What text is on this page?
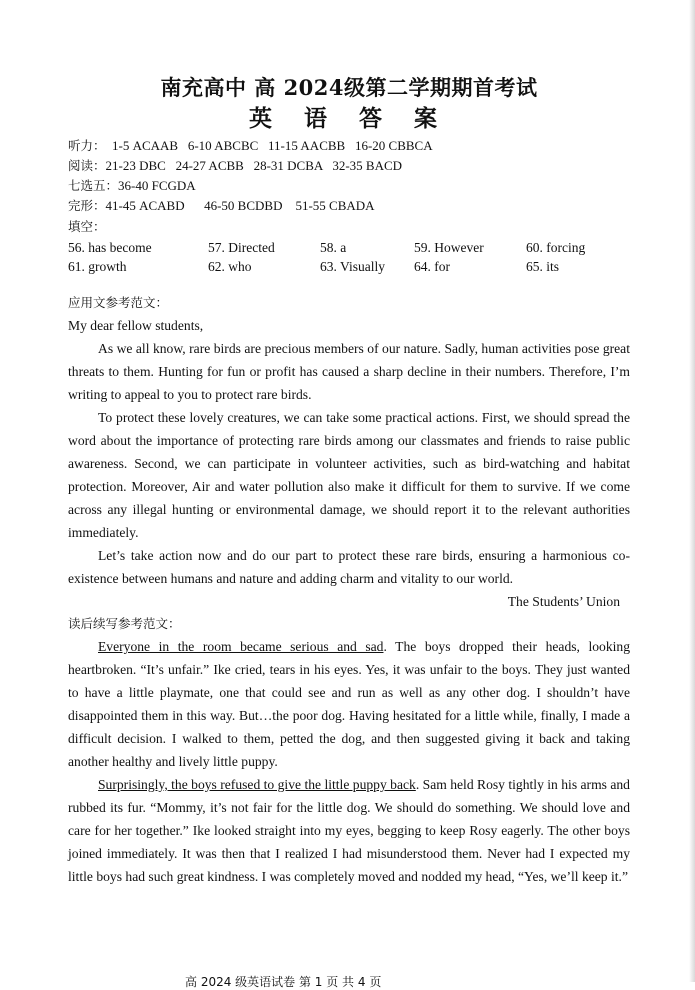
南充高中 高 2024级第二学期期首考试
英 语 答 案
听力：  1-5 ACAAB   6-10 ABCBC   11-15 AACBB   16-20 CBBCA
阅读：21-23 DBC   24-27 ACBB   28-31 DCBA   32-35 BACD
七选五：36-40 FCGDA
完形：41-45 ACABD      46-50 BCDBD    51-55 CBADA
填空：
56. has become	57. Directed	58. a	59. However	60. forcing
61. growth	62. who	63. Visually	64. for	65. its
应用文参考范文：

My dear fellow students,

As we all know, rare birds are precious members of our nature. Sadly, human activities pose great threats to them. Hunting for fun or profit has caused a sharp decline in their numbers. Therefore, I’m writing to appeal to you to protect rare birds.

To protect these lovely creatures, we can take some practical actions. First, we should spread the word about the importance of protecting rare birds among our classmates and friends to raise public awareness. Second, we can participate in volunteer activities, such as bird-watching and habitat protection. Moreover, Air and water pollution also make it difficult for them to survive. If we come across any illegal hunting or environmental damage, we should report it to the relevant authorities immediately.

Let’s take action now and do our part to protect these rare birds, ensuring a harmonious co-existence between humans and nature and adding charm and vitality to our world.

The Students’ Union
读后续写参考范文：

Everyone in the room became serious and sad. The boys dropped their heads, looking heartbroken. “It’s unfair.” Ike cried, tears in his eyes. Yes, it was unfair to the boys. They just wanted to have a little playmate, one that could see and run as well as any other dog. I shouldn’t have disappointed them in this way. But…the poor dog. Having hesitated for a little while, finally, I made a difficult decision. I walked to them, petted the dog, and then suggested giving it back and taking another healthy and lively little puppy.

Surprisingly, the boys refused to give the little puppy back. Sam held Rosy tightly in his arms and rubbed its fur. “Mommy, it’s not fair for the little dog. We should do something. We should love and care for her together.” Ike looked straight into my eyes, begging to keep Rosy eagerly. The other boys joined immediately. It was then that I realized I had misunderstood them. Never had I expected my little boys had such great kindness. I was completely moved and nodded my head, “Yes, we’ll keep it.”

高 2024 级英语试卷 第 1 页 共 4 页
